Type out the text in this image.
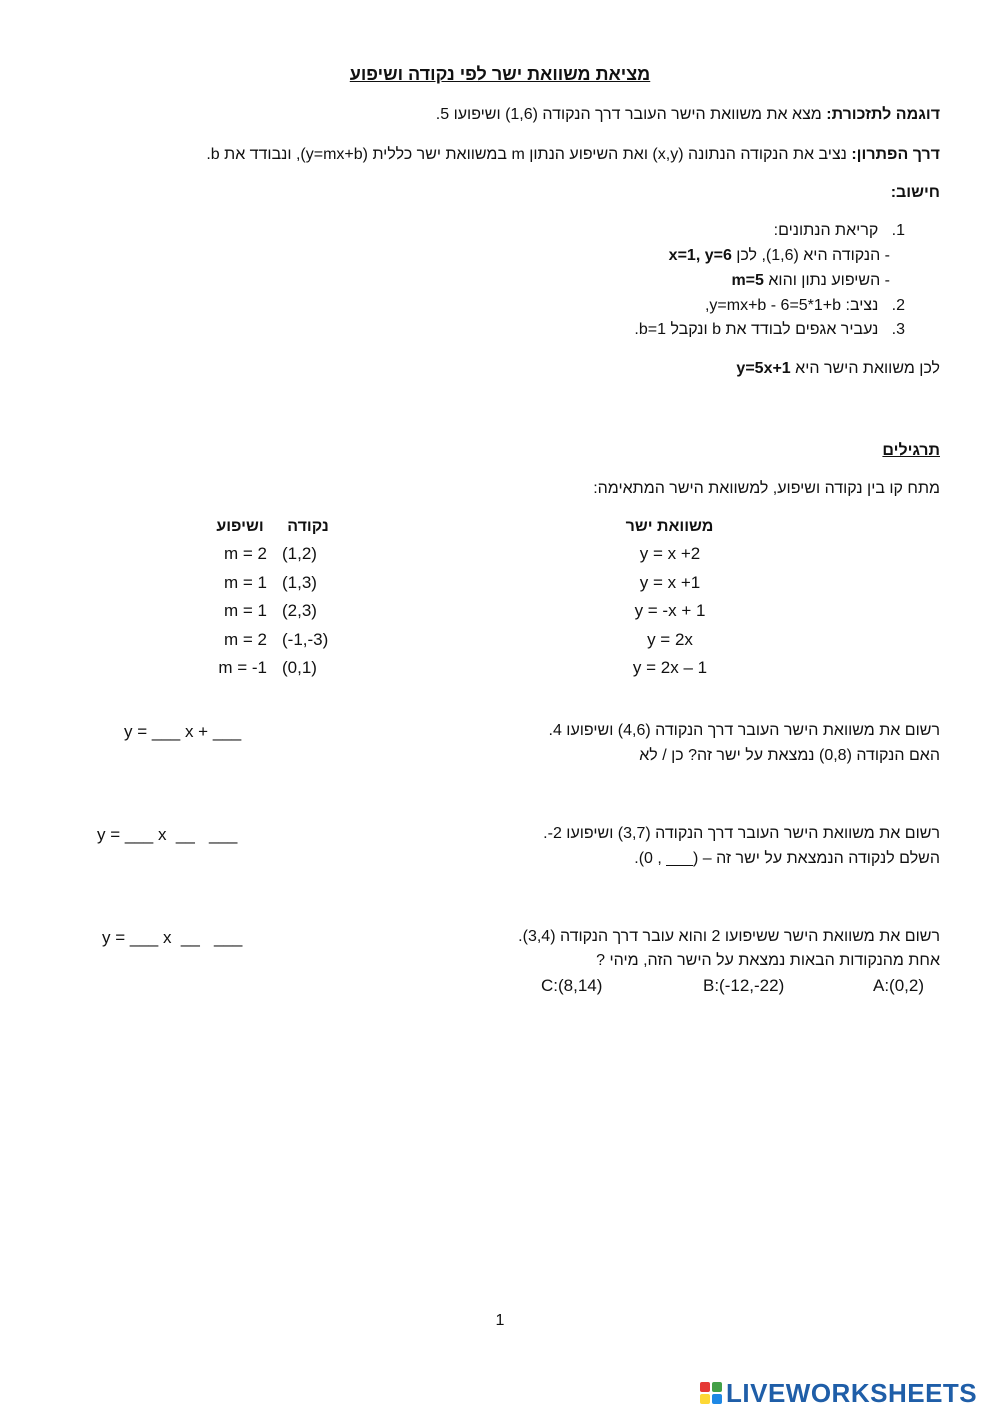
מציאת משוואת ישר לפי נקודה ושיפוע
דוגמה לתזכורת: מצא את משוואת הישר העובר דרך הנקודה (1,6) ושיפועו 5.
דרך הפתרון: נציב את הנקודה הנתונה (x,y) ואת השיפוע הנתון m במשוואת ישר כללית (y=mx+b), ונבודד את b.
חישוב:
1.   קריאת הנתונים:
- הנקודה היא (1,6), לכן x=1, y=6
- השיפוע נתון והוא m=5
2.   נציב: y=mx+b - 6=5*1+b,
3.   נעביר אגפים לבודד את b ונקבל b=1.
לכן משוואת הישר היא y=5x+1
תרגילים
מתח קו בין נקודה ושיפוע, למשוואת הישר המתאימה:
משוואת ישר
נקודה
ושיפוע
y = x +2
y = x +1
y = -x + 1
y = 2x
y = 2x – 1
(1,2)
(1,3)
(2,3)
(-1,-3)
(0,1)
m = 2
m = 1
m = 1
m = 2
m = -1
רשום את משוואת הישר העובר דרך הנקודה (4,6) ושיפועו 4.
האם הנקודה (0,8) נמצאת על ישר זה? כן / לא
y = ___ x + ___
רשום את משוואת הישר העובר דרך הנקודה (3,7) ושיפועו 2-.
השלם לנקודה הנמצאת על ישר זה – (___ , 0).
y = ___ x  __   ___
רשום את משוואת הישר ששיפועו 2 והוא עובר דרך הנקודה (3,4).
אחת מהנקודות הבאות נמצאת על הישר הזה, מיהי ?
y = ___ x  __   ___
A:(0,2)
B:(-12,-22)
C:(8,14)
1
LIVEWORKSHEETS
